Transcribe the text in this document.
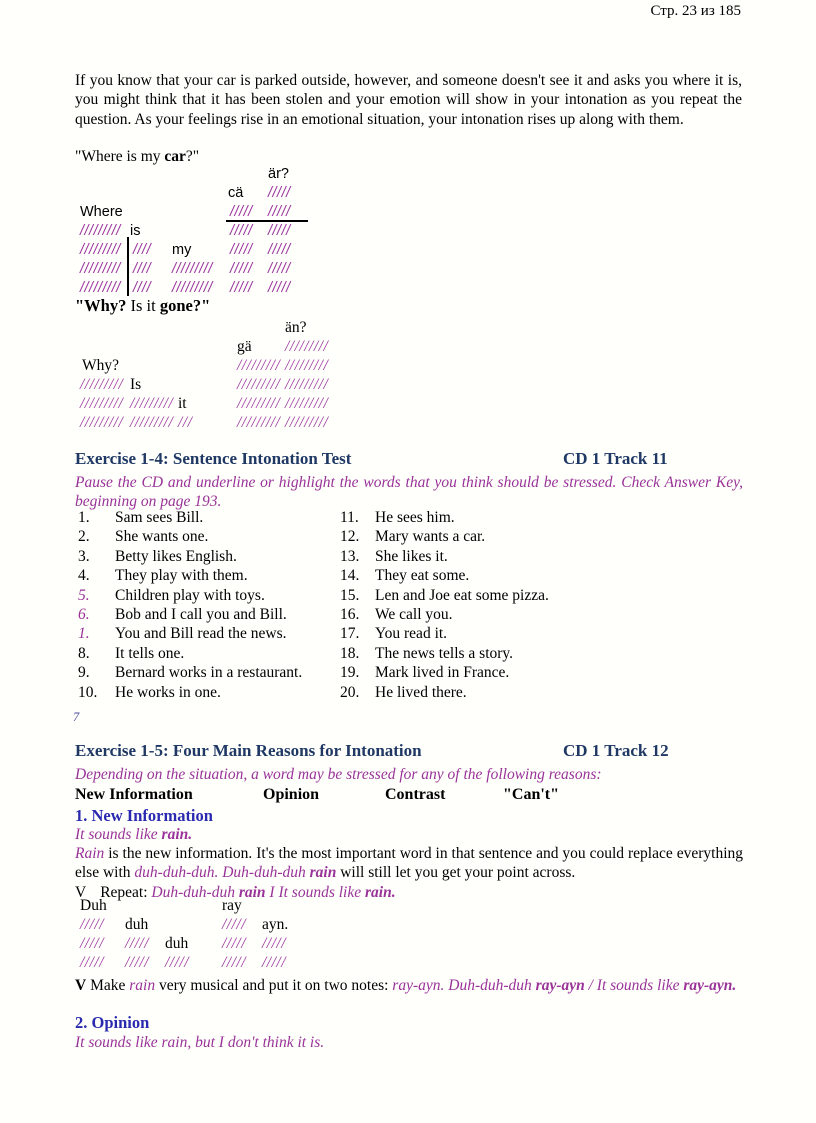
Стр. 23 из 185
If you know that your car is parked outside, however, and someone doesn't see it and asks you where it is, you might think that it has been stolen and your emotion will show in your intonation as you repeat the question. As your feelings rise in an emotional situation, your intonation rises up along with them.
"Where is my car?"
är?
cä /////
Where	///// /////
///////// is	///// /////
///////// //// my	///// /////
///////// //// ///////// ///// /////
///////// //// ///////// ///// /////
"Why? Is it gone?"
än?
gä /////////
Why?	///////// /////////
///////// Is	///////// /////////
///////// ///////// it	///////// /////////
///////// ///////// ///	///////// /////////
Exercise 1-4: Sentence Intonation Test	CD 1 Track 11
Pause the CD and underline or highlight the words that you think should be stressed. Check Answer Key, beginning on page 193.
1. Sam sees Bill.
2. She wants one.
3. Betty likes English.
4. They play with them.
5. Children play with toys.
6. Bob and I call you and Bill.
1. You and Bill read the news.
8. It tells one.
9. Bernard works in a restaurant.
10. He works in one.
11. He sees him.
12. Mary wants a car.
13. She likes it.
14. They eat some.
15. Len and Joe eat some pizza.
16. We call you.
17. You read it.
18. The news tells a story.
19. Mark lived in France.
20. He lived there.
7
Exercise 1-5: Four Main Reasons for Intonation	CD 1 Track 12
Depending on the situation, a word may be stressed for any of the following reasons:
New Information	Opinion	Contrast	"Can't"
1. New Information
It sounds like rain.
Rain is the new information. It's the most important word in that sentence and you could replace everything else with duh-duh-duh. Duh-duh-duh rain will still let you get your point across.
V Repeat: Duh-duh-duh rain I It sounds like rain.
Duh	ray
///// duh	///// ayn.
///// ///// duh ///// /////
///// ///// ///// ///// /////
V Make rain very musical and put it on two notes: ray-ayn. Duh-duh-duh ray-ayn / It sounds like ray-ayn.
2. Opinion
It sounds like rain, but I don't think it is.
